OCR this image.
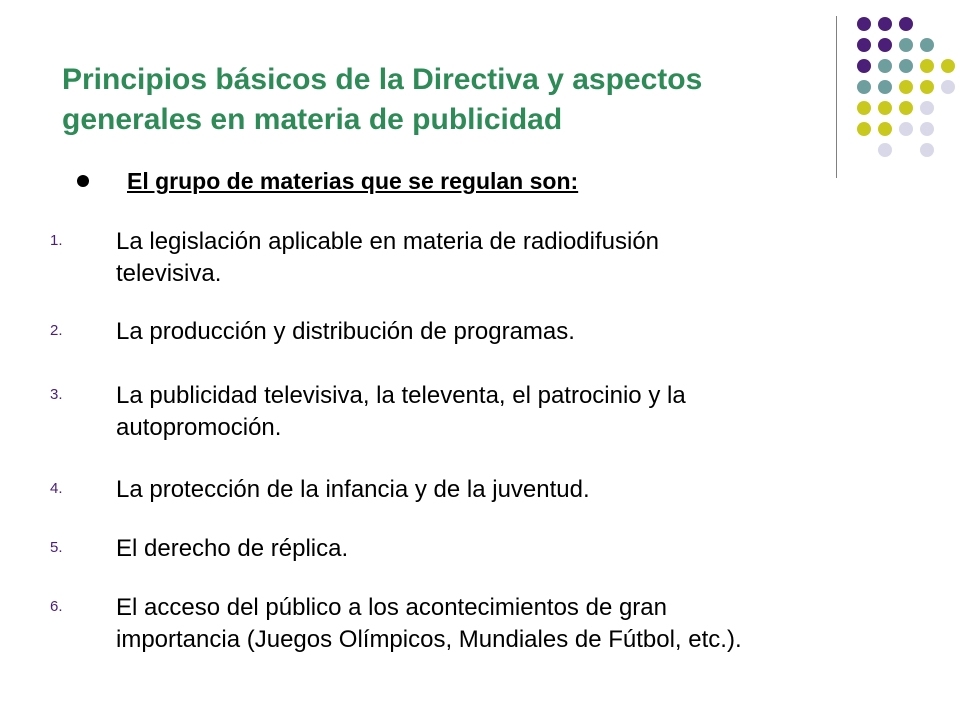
Principios básicos de la Directiva y aspectos
generales en materia de publicidad
El grupo de materias que se regulan son:
1.	La legislación aplicable en materia de radiodifusión
televisiva.
2.	La producción y distribución de programas.
3.	La publicidad televisiva, la televenta, el patrocinio y la
autopromoción.
4.	La protección de la infancia y de la juventud.
5.	El derecho de réplica.
6.	El acceso del público a los acontecimientos de gran
importancia (Juegos Olímpicos, Mundiales de Fútbol, etc.).
